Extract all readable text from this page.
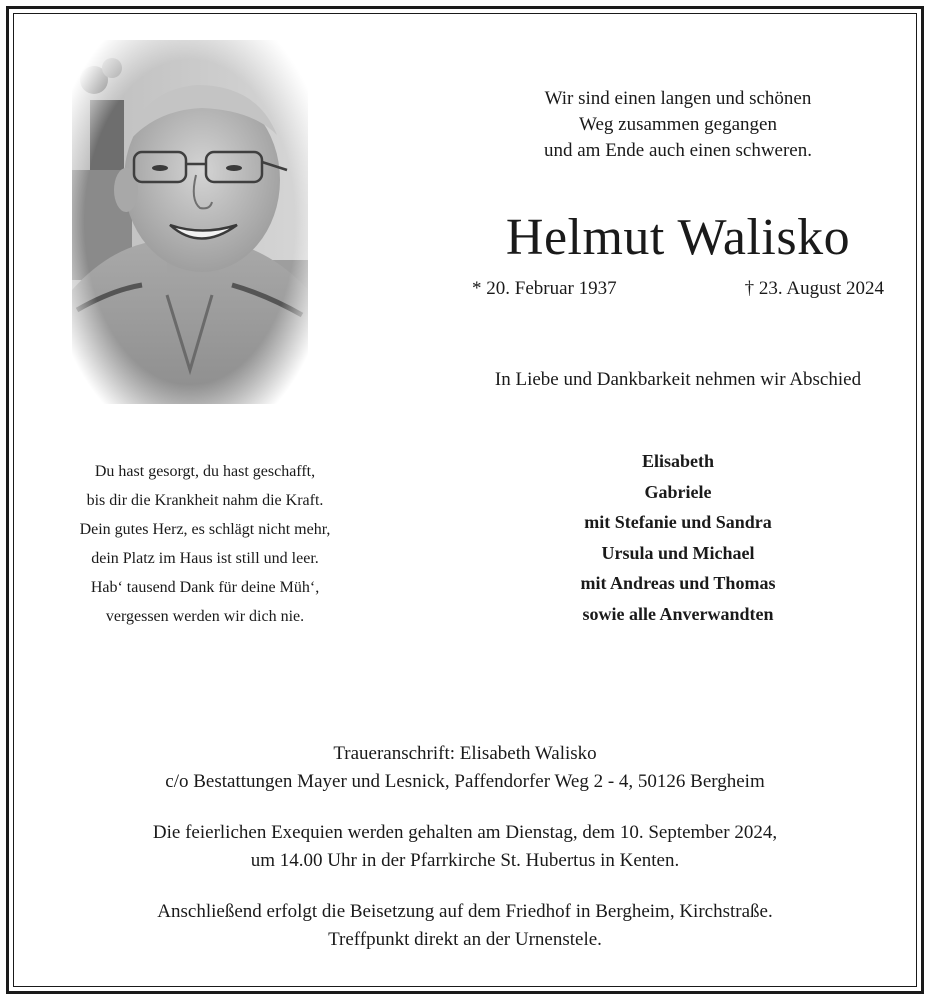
Wir sind einen langen und schönen
Weg zusammen gegangen
und am Ende auch einen schweren.
Helmut Walisko
* 20. Februar 1937	† 23. August 2024
In Liebe und Dankbarkeit nehmen wir Abschied
Elisabeth
Gabriele
mit Stefanie und Sandra
Ursula und Michael
mit Andreas und Thomas
sowie alle Anverwandten
Du hast gesorgt, du hast geschafft,
bis dir die Krankheit nahm die Kraft.
Dein gutes Herz, es schlägt nicht mehr,
dein Platz im Haus ist still und leer.
Hab‘ tausend Dank für deine Müh‘,
vergessen werden wir dich nie.
Traueranschrift: Elisabeth Walisko
c/o Bestattungen Mayer und Lesnick, Paffendorfer Weg 2 - 4, 50126 Bergheim
Die feierlichen Exequien werden gehalten am Dienstag, dem 10. September 2024,
um 14.00 Uhr in der Pfarrkirche St. Hubertus in Kenten.
Anschließend erfolgt die Beisetzung auf dem Friedhof in Bergheim, Kirchstraße.
Treffpunkt direkt an der Urnenstele.
